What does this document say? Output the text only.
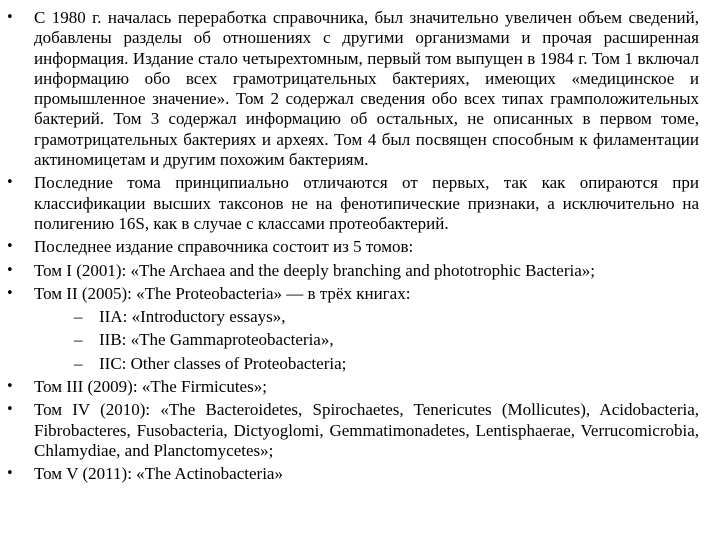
• С 1980 г. началась переработка справочника, был значительно увеличен объем сведений, добавлены разделы об отношениях с другими организмами и прочая расширенная информация. Издание стало четырехтомным, первый том выпущен в 1984 г. Том 1 включал информацию обо всех грамотрицательных бактериях, имеющих «медицинское и промышленное значение». Том 2 содержал сведения обо всех типах грамположительных бактерий. Том 3 содержал информацию об остальных, не описанных в первом томе, грамотрицательных бактериях и археях. Том 4 был посвящен способным к филаментации актиномицетам и другим похожим бактериям.
• Последние тома принципиально отличаются от первых, так как опираются при классификации высших таксонов не на фенотипические признаки, а исключительно на полигению 16S, как в случае с классами протеобактерий.
• Последнее издание справочника состоит из 5 томов:
• Том I (2001): «The Archaea and the deeply branching and phototrophic Bacteria»;
• Том II (2005): «The Proteobacteria» — в трёх книгах:
– IIA: «Introductory essays»,
– IIB: «The Gammaproteobacteria»,
– IIC: Other classes of Proteobacteria;
• Том III (2009): «The Firmicutes»;
• Том IV (2010): «The Bacteroidetes, Spirochaetes, Tenericutes (Mollicutes), Acidobacteria, Fibrobacteres, Fusobacteria, Dictyoglomi, Gemmatimonadetes, Lentisphaerae, Verrucomicrobia, Chlamydiae, and Planctomycetes»;
• Том V (2011): «The Actinobacteria»
